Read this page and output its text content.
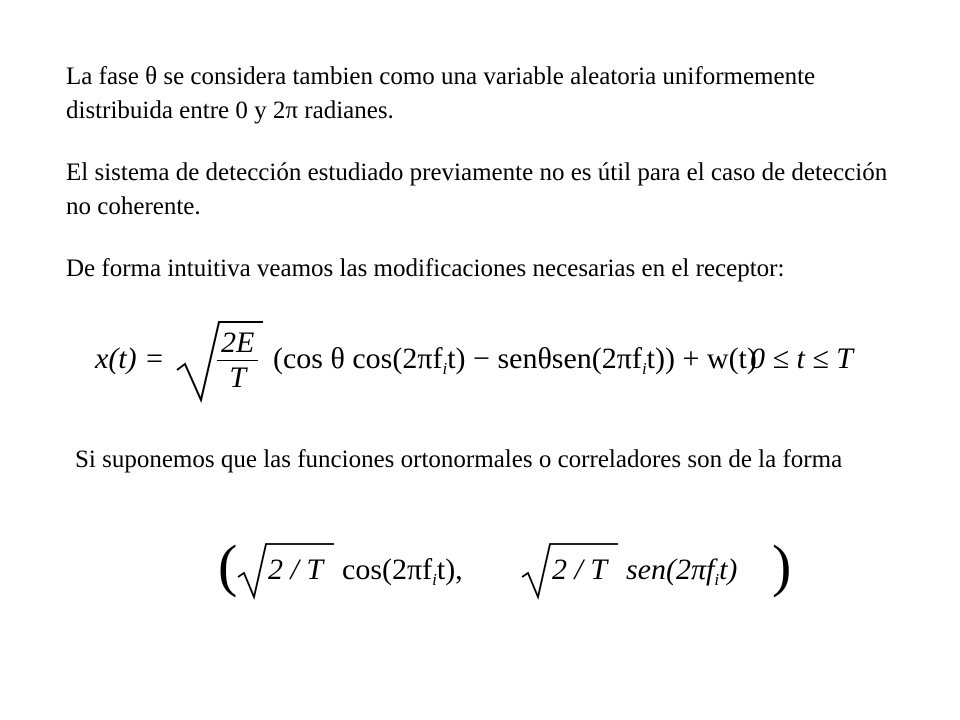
La fase θ se considera tambien como una variable aleatoria uniformemente distribuida entre 0 y 2π radianes.

El sistema de detección estudiado previamente no es útil para el caso de detección no coherente.

De forma intuitiva veamos las modificaciones necesarias en el receptor:

$x(t) = \frac{2E}{T} (\cos$ θ $\cos(2\pi f_it) - sen\theta sen(2\pi f_it)) + w(t)$
0 ≤ t ≤ T

Si suponemos que las funciones ortonormales o correladores son de la forma

( 2 / T $\cos(2\pi f_it)$,	2 / T $sen(2\pi f_it)$ )
